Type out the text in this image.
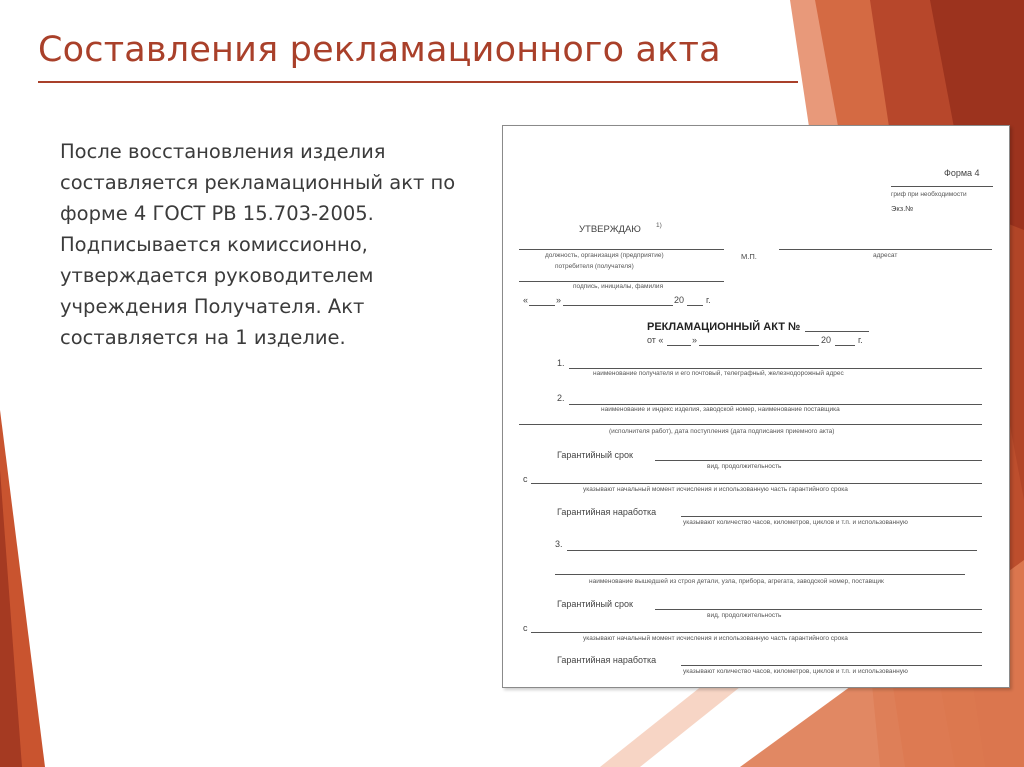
Составления рекламационного акта

После восстановления изделия составляется рекламационный акт по форме 4 ГОСТ РВ 15.703-2005. Подписывается комиссионно, утверждается руководителем учреждения Получателя. Акт составляется на 1 изделие.

Форма 4
гриф при необходимости
Экз.№
УТВЕРЖДАЮ 1)
должность, организация (предприятие)
потребителя (получателя)
М.П.	адресат
подпись, инициалы, фамилия
«	»	20 г.
РЕКЛАМАЦИОННЫЙ АКТ №
от «	»	20	г.
1.
наименование получателя и его почтовый, телеграфный, железнодорожный адрес
2.
наименование и индекс изделия, заводской номер, наименование поставщика
(исполнителя работ), дата поступления (дата подписания приемного акта)
Гарантийный срок
вид, продолжительность
с
указывают начальный момент исчисления и использованную часть гарантийного срока
Гарантийная наработка
указывают количество часов, километров, циклов и т.п. и использованную
3.
наименование вышедшей из строя детали, узла, прибора, агрегата, заводской номер, поставщик
Гарантийный срок
вид, продолжительность
с
указывают начальный момент исчисления и использованную часть гарантийного срока
Гарантийная наработка
указывают количество часов, километров, циклов и т.п. и использованную
